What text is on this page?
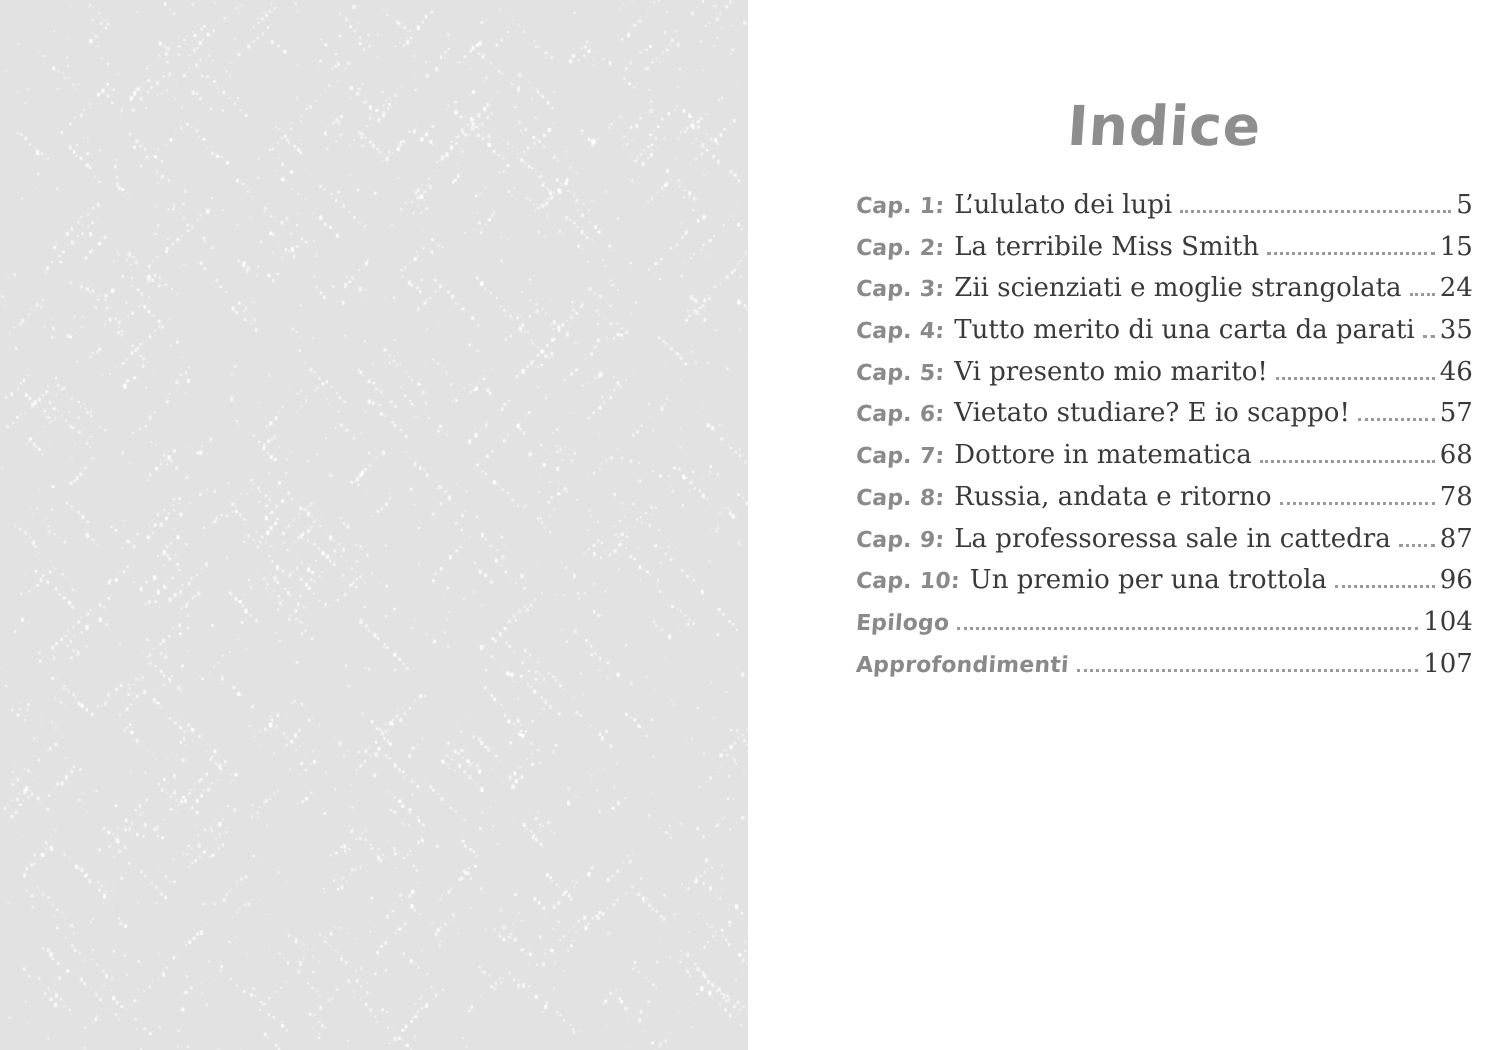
Indice
Cap. 1: L’ululato dei lupi	5
Cap. 2: La terribile Miss Smith	15
Cap. 3: Zii scienziati e moglie strangolata 24
Cap. 4: Tutto merito di una carta da parati 35
Cap. 5: Vi presento mio marito!	46
Cap. 6: Vietato studiare? E io scappo!	57
Cap. 7: Dottore in matematica	68
Cap. 8: Russia, andata e ritorno	78
Cap. 9: La professoressa sale in cattedra 87
Cap. 10: Un premio per una trottola	96
Epilogo	104
Approfondimenti	107
